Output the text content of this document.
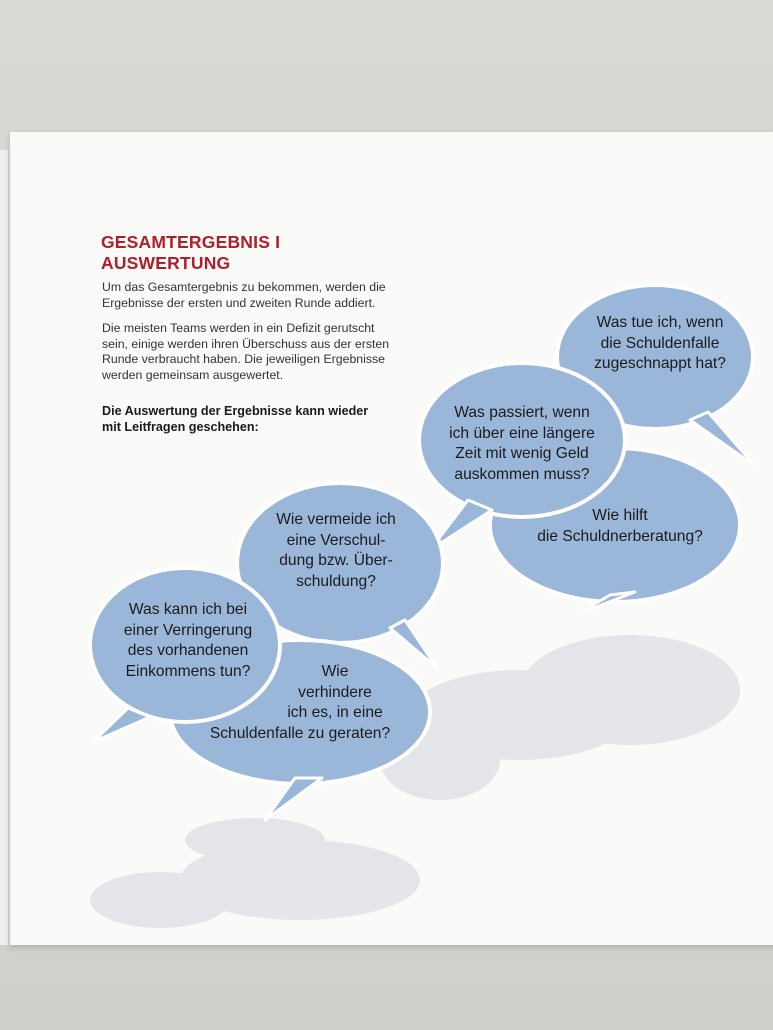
GESAMTERGEBNIS I
AUSWERTUNG

Um das Gesamtergebnis zu bekommen, werden die
Ergebnisse der ersten und zweiten Runde addiert.

Die meisten Teams werden in ein Defizit gerutscht
sein, einige werden ihren Überschuss aus der ersten
Runde verbraucht haben. Die jeweiligen Ergebnisse
werden gemeinsam ausgewertet.

Die Auswertung der Ergebnisse kann wieder
mit Leitfragen geschehen:

Was tue ich, wenn
die Schuldenfalle
zugeschnappt hat?
Was passiert, wenn
ich über eine längere
Zeit mit wenig Geld
auskommen muss?
Wie hilft
die Schuldnerberatung?
Wie vermeide ich
eine Verschul-
dung bzw. Über-
schuldung?
Was kann ich bei
einer Verringerung
des vorhandenen
Einkommens tun?	Wie
verhindere
ich es, in eine
Schuldenfalle zu geraten?
